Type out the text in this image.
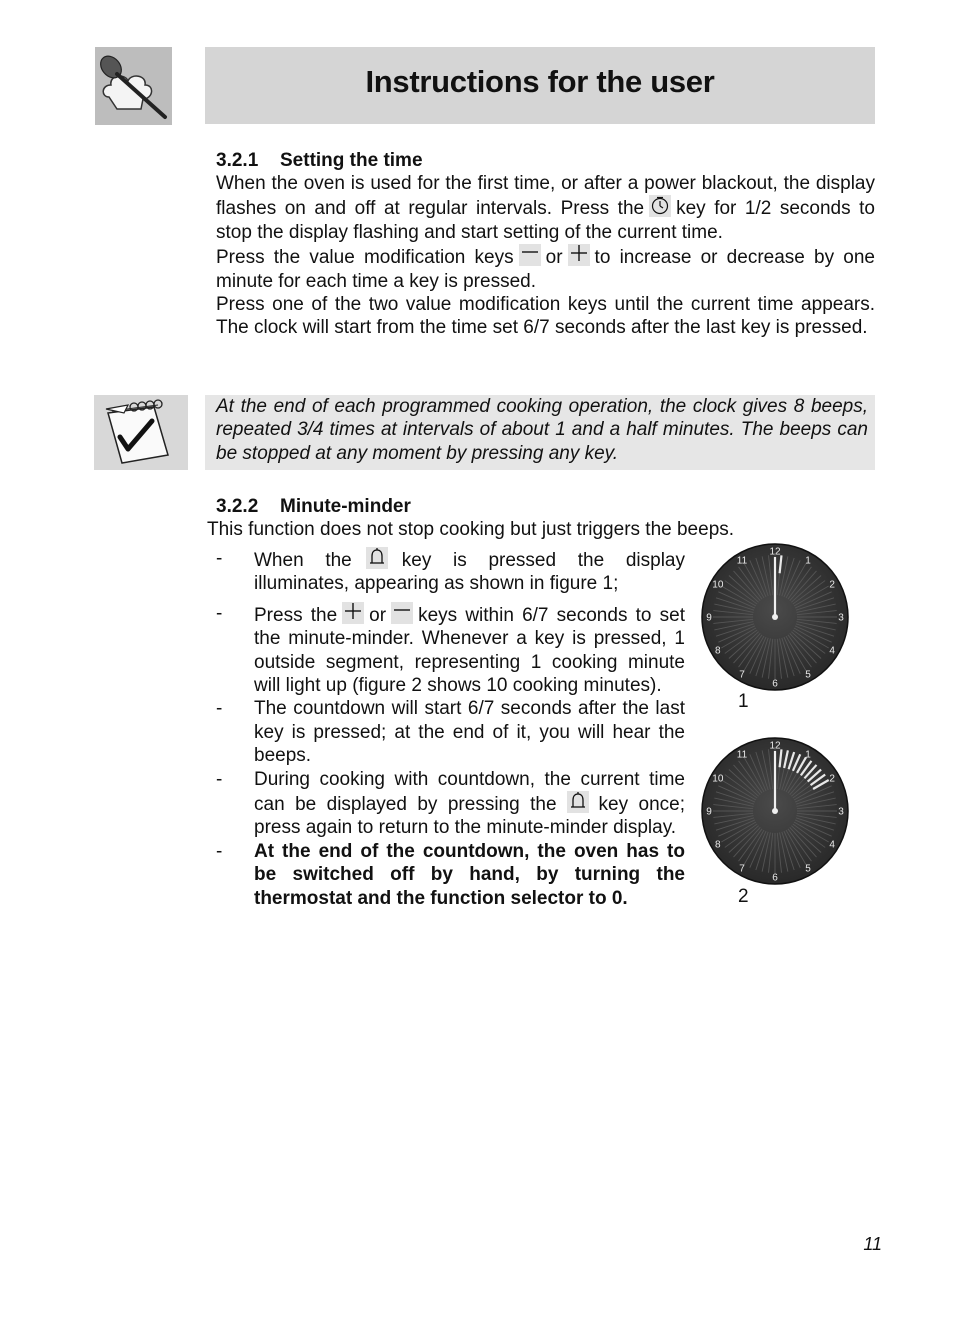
Instructions for the user
3.2.1 Setting the time

When the oven is used for the first time, or after a power blackout, the display flashes on and off at regular intervals. Press the key for 1/2 seconds to stop the display flashing and start setting of the current time.

Press the value modification keys or to increase or decrease by one minute for each time a key is pressed.

Press one of the two value modification keys until the current time appears. The clock will start from the time set 6/7 seconds after the last key is pressed.

At the end of each programmed cooking operation, the clock gives 8 beeps, repeated 3/4 times at intervals of about 1 and a half minutes. The beeps can be stopped at any moment by pressing any key.
3.2.2 Minute-minder
This function does not stop cooking but just triggers the beeps.
-	When the	key is pressed the display illuminates, appearing as shown in figure 1;
-	Press the or keys within 6/7 seconds to set the minute-minder. Whenever a key is pressed, 1 outside segment, representing 1 cooking minute will light up (figure 2 shows 10 cooking minutes).
-	The countdown will start 6/7 seconds after the last key is pressed; at the end of it, you will hear the beeps.
-	During cooking with countdown, the current time can be displayed by pressing the key once; press again to return to the minute-minder display.
-	At the end of the countdown, the oven has to be switched off by hand, by turning the thermostat and the function selector to 0.
12
1
2
3
4
5
6
7
8
9
10
11
1
12
1
2
3
4
5
6
7
8
9
10
11
2
11
